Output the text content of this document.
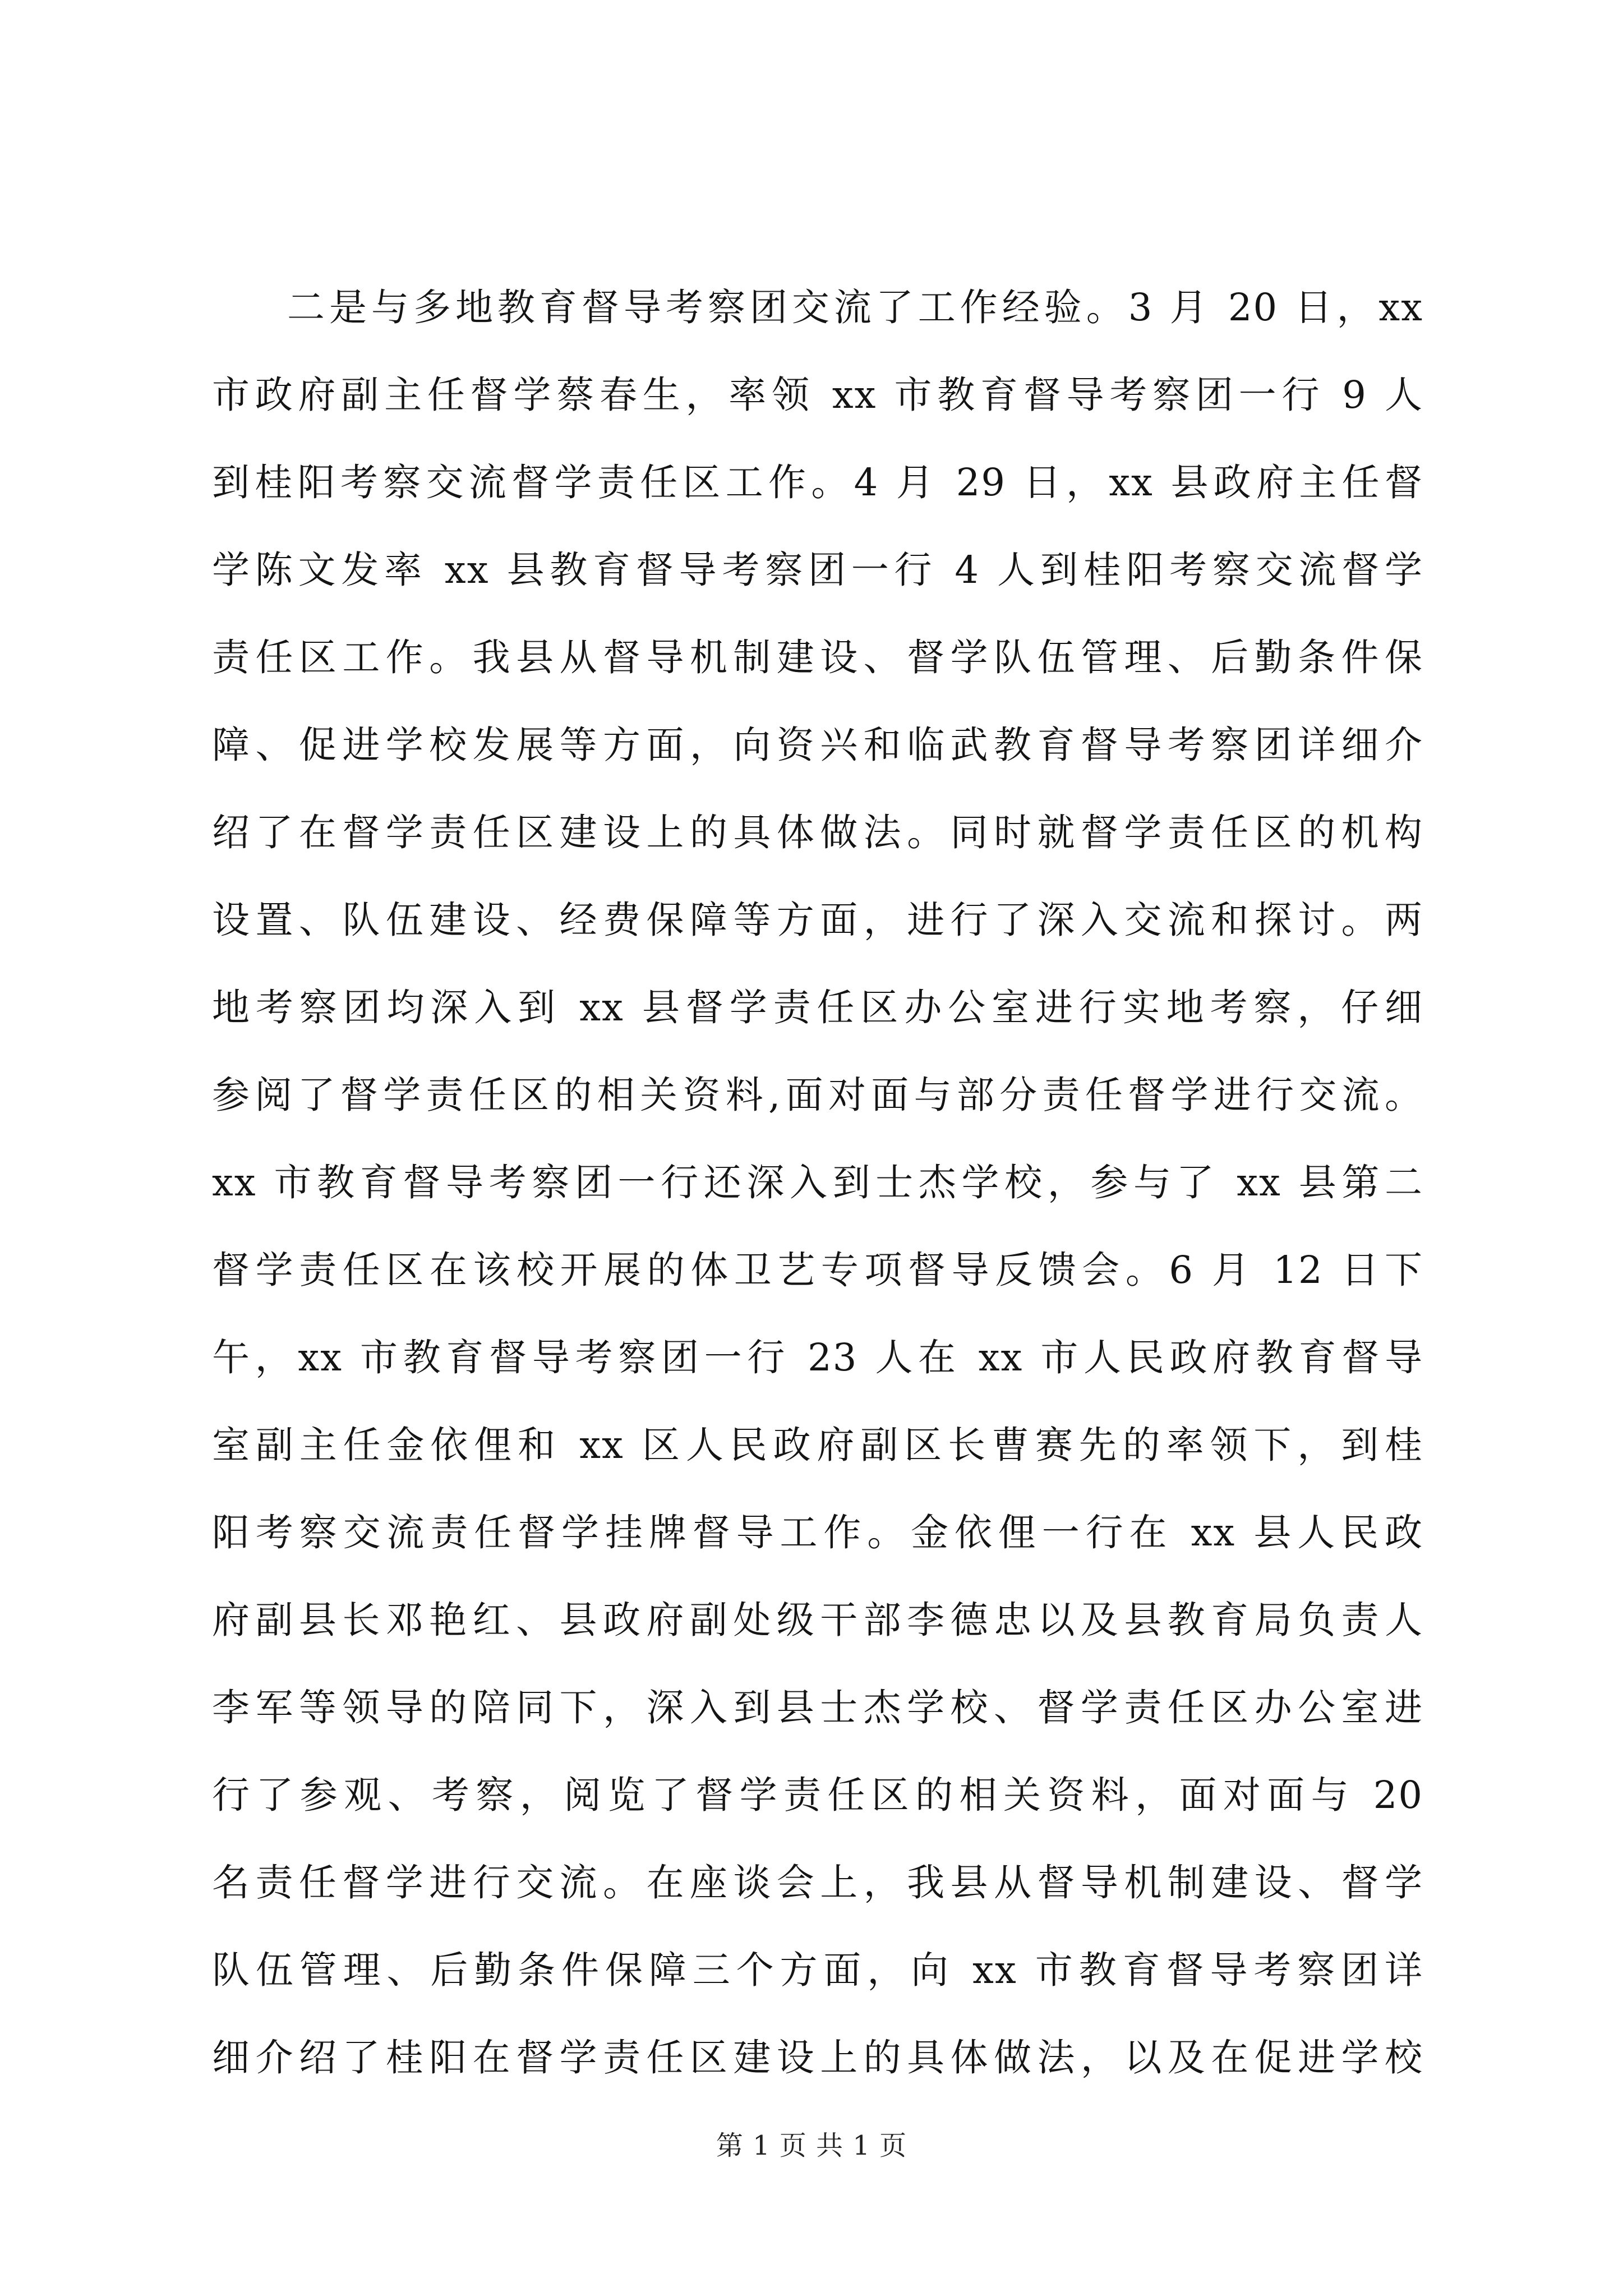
二是与多地教育督导考察团交流了工作经验。3 月 20 日，xx
市政府副主任督学蔡春生，率领 xx 市教育督导考察团一行 9 人
到桂阳考察交流督学责任区工作。4 月 29 日，xx 县政府主任督
学陈文发率 xx 县教育督导考察团一行 4 人到桂阳考察交流督学
责任区工作。我县从督导机制建设、督学队伍管理、后勤条件保
障、促进学校发展等方面，向资兴和临武教育督导考察团详细介
绍了在督学责任区建设上的具体做法。同时就督学责任区的机构
设置、队伍建设、经费保障等方面，进行了深入交流和探讨。两
地考察团均深入到 xx 县督学责任区办公室进行实地考察，仔细
参阅了督学责任区的相关资料,面对面与部分责任督学进行交流。
xx 市教育督导考察团一行还深入到士杰学校，参与了 xx 县第二
督学责任区在该校开展的体卫艺专项督导反馈会。6 月 12 日下
午，xx 市教育督导考察团一行 23 人在 xx 市人民政府教育督导
室副主任金依俚和 xx 区人民政府副区长曹赛先的率领下，到桂
阳考察交流责任督学挂牌督导工作。金依俚一行在 xx 县人民政
府副县长邓艳红、县政府副处级干部李德忠以及县教育局负责人
李军等领导的陪同下，深入到县士杰学校、督学责任区办公室进
行了参观、考察，阅览了督学责任区的相关资料，面对面与 20
名责任督学进行交流。在座谈会上，我县从督导机制建设、督学
队伍管理、后勤条件保障三个方面，向 xx 市教育督导考察团详
细介绍了桂阳在督学责任区建设上的具体做法，以及在促进学校
第 1 页 共 1 页
